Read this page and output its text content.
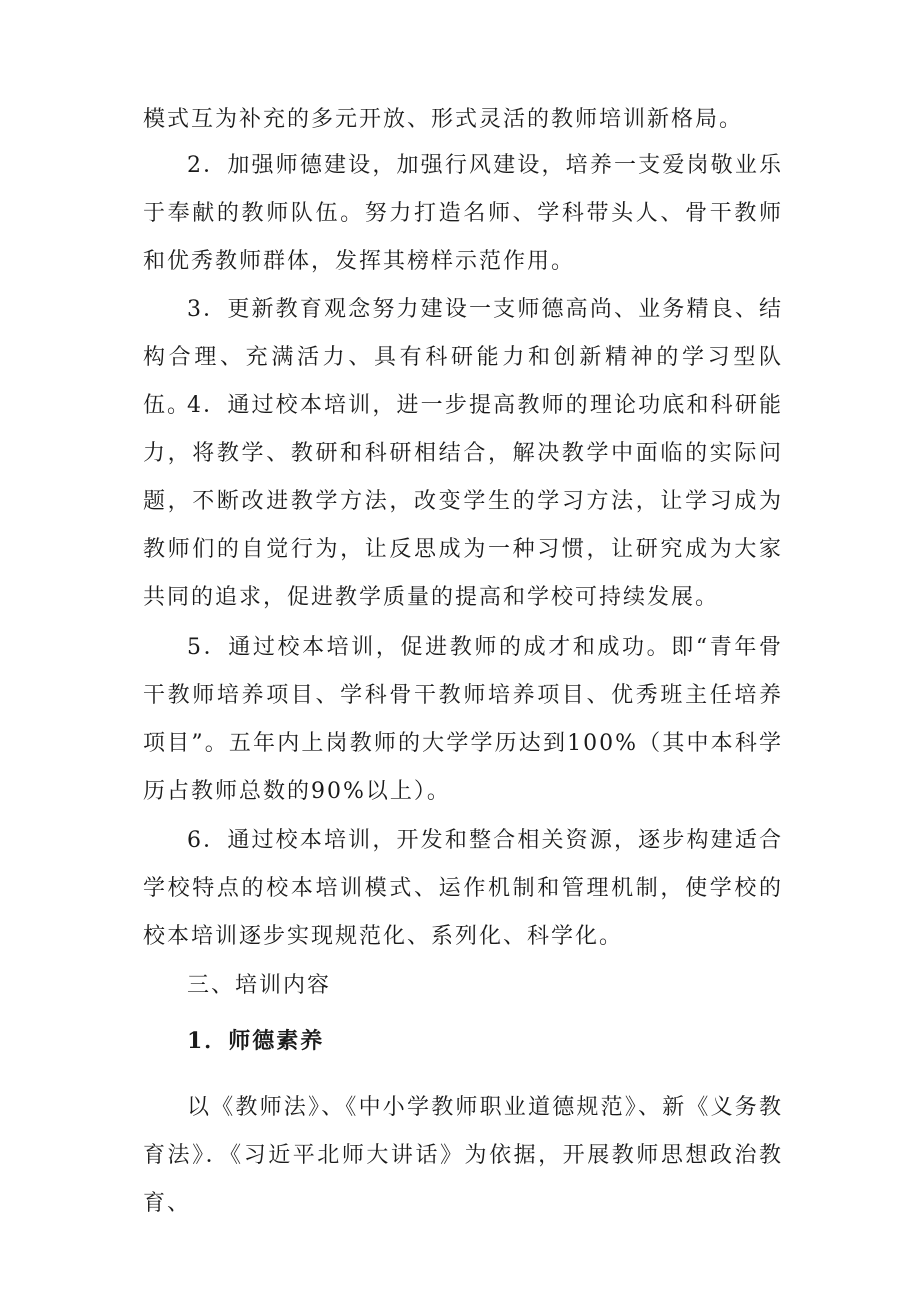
模式互为补充的多元开放、形式灵活的教师培训新格局。

2．加强师德建设，加强行风建设，培养一支爱岗敬业乐于奉献的教师队伍。努力打造名师、学科带头人、骨干教师和优秀教师群体，发挥其榜样示范作用。

3．更新教育观念努力建设一支师德高尚、业务精良、结构合理、充满活力、具有科研能力和创新精神的学习型队伍。

4．通过校本培训，进一步提高教师的理论功底和科研能力，将教学、教研和科研相结合，解决教学中面临的实际问题，不断改进教学方法，改变学生的学习方法，让学习成为教师们的自觉行为，让反思成为一种习惯，让研究成为大家共同的追求，促进教学质量的提高和学校可持续发展。

5．通过校本培训，促进教师的成才和成功。即“青年骨干教师培养项目、学科骨干教师培养项目、优秀班主任培养项目”。五年内上岗教师的大学学历达到100%（其中本科学历占教师总数的90%以上）。

6．通过校本培训，开发和整合相关资源，逐步构建适合学校特点的校本培训模式、运作机制和管理机制，使学校的校本培训逐步实现规范化、系列化、科学化。

三、培训内容

1．师德素养

以《教师法》、《中小学教师职业道德规范》、新《义务教育法》．《习近平北师大讲话》为依据，开展教师思想政治教育、
